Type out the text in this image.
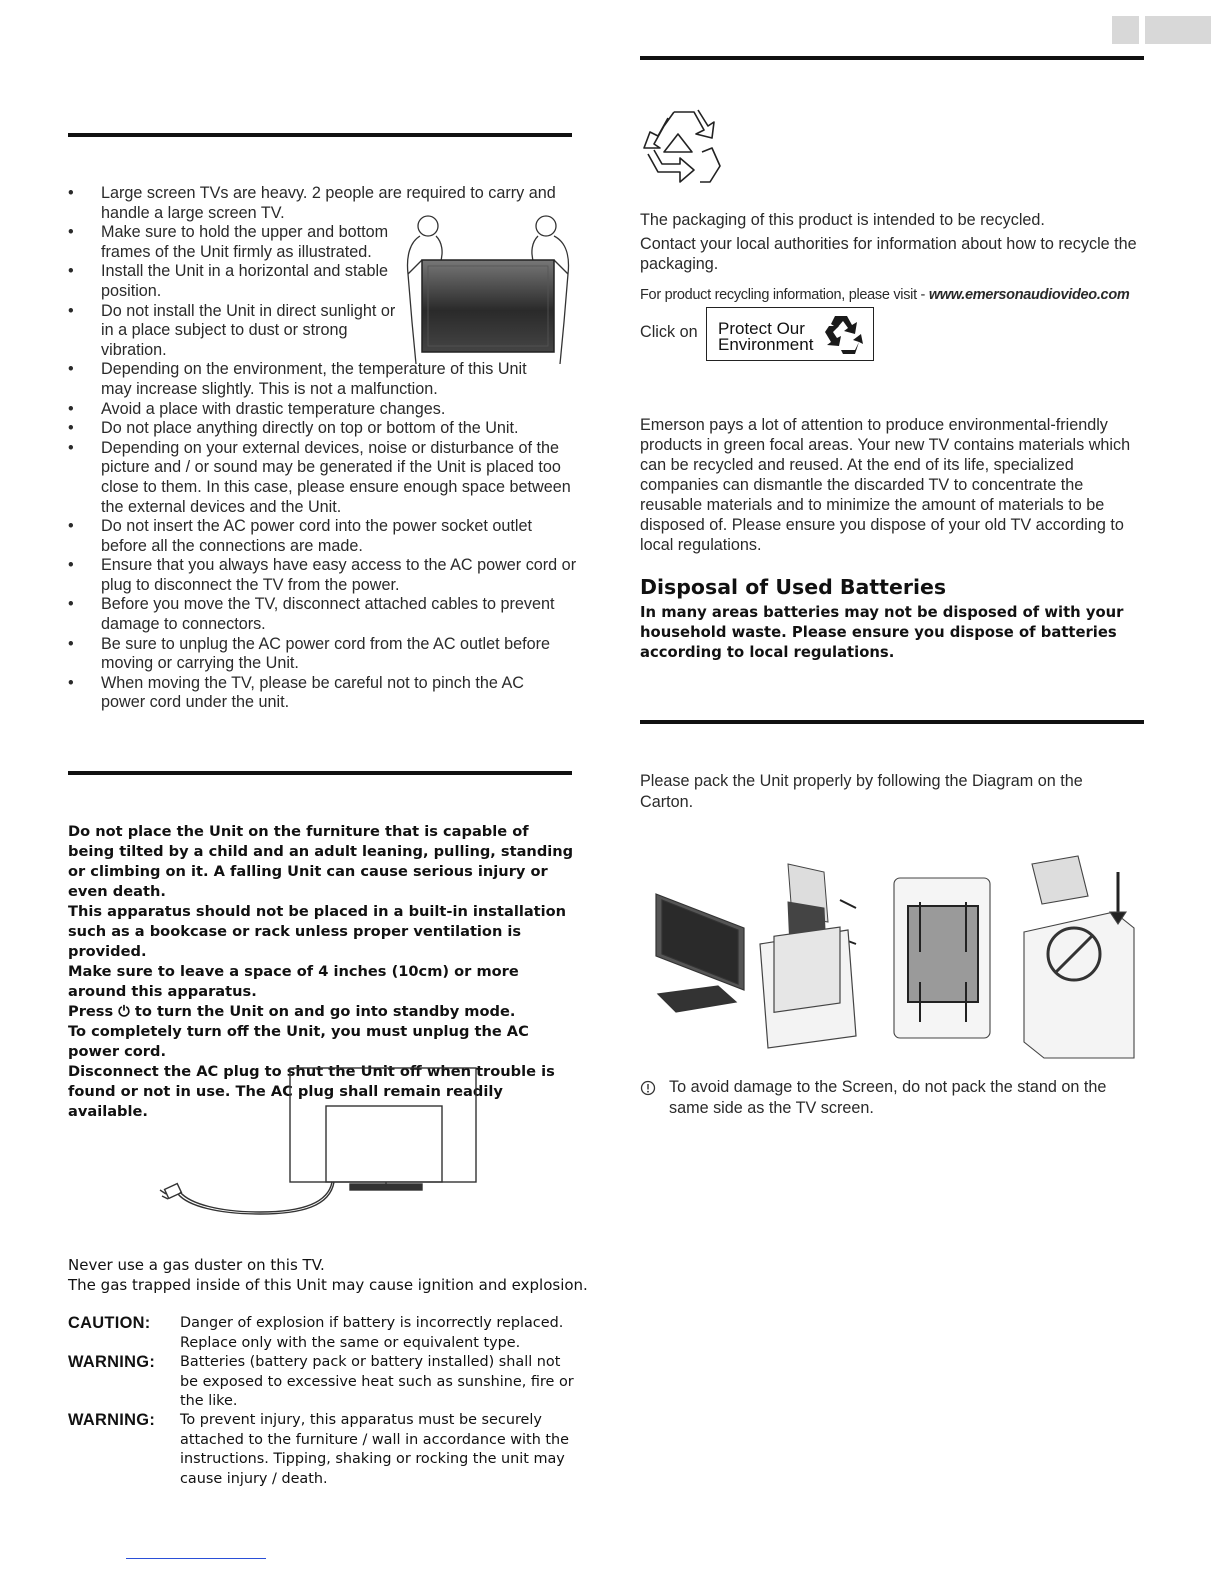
• Large screen TVs are heavy. 2 people are required to carry and handle a large screen TV.
• Make sure to hold the upper and bottom frames of the Unit firmly as illustrated.
• Install the Unit in a horizontal and stable position.
• Do not install the Unit in direct sunlight or in a place subject to dust or strong vibration.
• Depending on the environment, the temperature of this Unit may increase slightly. This is not a malfunction.
• Avoid a place with drastic temperature changes.
• Do not place anything directly on top or bottom of the Unit.
• Depending on your external devices, noise or disturbance of the picture and / or sound may be generated if the Unit is placed too close to them. In this case, please ensure enough space between the external devices and the Unit.
• Do not insert the AC power cord into the power socket outlet before all the connections are made.
• Ensure that you always have easy access to the AC power cord or plug to disconnect the TV from the power.
• Before you move the TV, disconnect attached cables to prevent damage to connectors.
• Be sure to unplug the AC power cord from the AC outlet before moving or carrying the Unit.
• When moving the TV, please be careful not to pinch the AC power cord under the unit.

Do not place the Unit on the furniture that is capable of being tilted by a child and an adult leaning, pulling, standing or climbing on it. A falling Unit can cause serious injury or even death.

This apparatus should not be placed in a built-in installation such as a bookcase or rack unless proper ventilation is provided.

Make sure to leave a space of 4 inches (10cm) or more around this apparatus.

Press ⏻ to turn the Unit on and go into standby mode.

To completely turn off the Unit, you must unplug the AC power cord.

Disconnect the AC plug to shut the Unit off when trouble is found or not in use. The AC plug shall remain readily available.

Never use a gas duster on this TV.

The gas trapped inside of this Unit may cause ignition and explosion.

CAUTION: Danger of explosion if battery is incorrectly replaced. Replace only with the same or equivalent type.

WARNING: Batteries (battery pack or battery installed) shall not be exposed to excessive heat such as sunshine, fire or the like.

WARNING: To prevent injury, this apparatus must be securely attached to the furniture / wall in accordance with the instructions. Tipping, shaking or rocking the unit may cause injury / death.

The packaging of this product is intended to be recycled.

Contact your local authorities for information about how to recycle the packaging.

For product recycling information, please visit - www.emersonaudiovideo.com

Click on Protect Our
Environment

Emerson pays a lot of attention to produce environmental-friendly products in green focal areas. Your new TV contains materials which can be recycled and reused. At the end of its life, specialized companies can dismantle the discarded TV to concentrate the reusable materials and to minimize the amount of materials to be disposed of. Please ensure you dispose of your old TV according to local regulations.

Disposal of Used Batteries

In many areas batteries may not be disposed of with your household waste. Please ensure you dispose of batteries according to local regulations.

Please pack the Unit properly by following the Diagram on the Carton.

To avoid damage to the Screen, do not pack the stand on the same side as the TV screen.
